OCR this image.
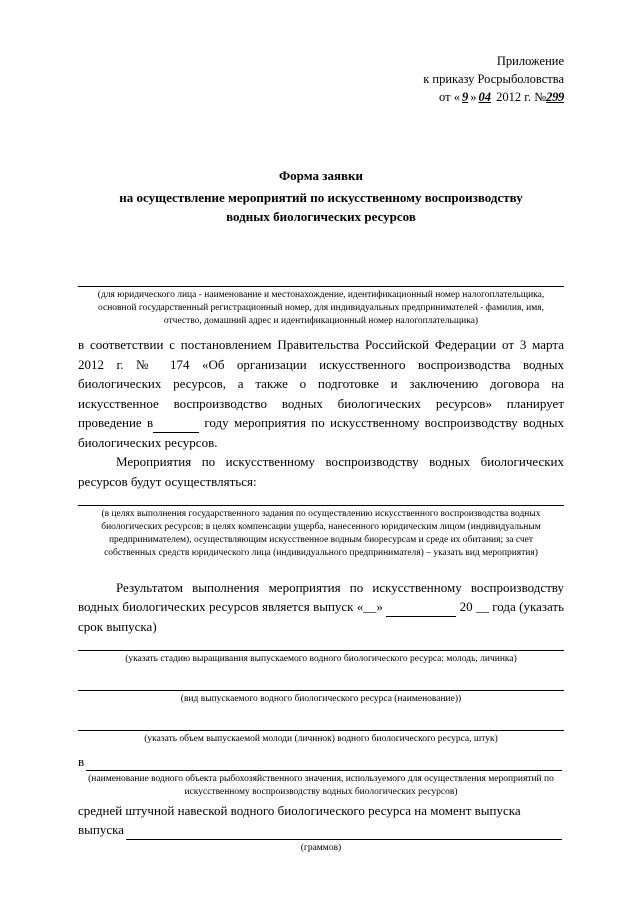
Приложение
к приказу Росрыболовства
от « 9 » 04 2012 г. №299
Форма заявки
на осуществление мероприятий по искусственному воспроизводству
водных биологических ресурсов
(для юридического лица - наименование и местонахождение, идентификационный номер налогоплательщика, основной государственный регистрационный номер, для индивидуальных предпринимателей - фамилия, имя, отчество, домашний адрес и идентификационный номер налогоплательщика)

в соответствии с постановлением Правительства Российской Федерации от 3 марта 2012 г. № 174 «Об организации искусственного воспроизводства водных биологических ресурсов, а также о подготовке и заключению договора на искусственное воспроизводство водных биологических ресурсов» планирует проведение в	году мероприятия по искусственному воспроизводству водных биологических ресурсов.

Мероприятия по искусственному воспроизводству водных биологических ресурсов будут осуществляться:

(в целях выполнения государственного задания по осуществлению искусственного воспроизводства водных биологических ресурсов; в целях компенсации ущерба, нанесенного юридическим лицом (индивидуальным предпринимателем), осуществляющим искусственное водным биоресурсам и среде их обитания; за счет собственных средств юридического лица (индивидуального предпринимателя) – указать вид мероприятия)

Результатом выполнения мероприятия по искусственному воспроизводству водных биологических ресурсов является выпуск «__»	20 __ года (указать срок выпуска)

(указать стадию выращивания выпускаемого водного биологического ресурса: молодь, личинка)
(вид выпускаемого водного биологического ресурса (наименование))
(указать объем выпускаемой молоди (личинок) водного биологического ресурса, штук)
в
(наименование водного объекта рыбохозяйственного значения, используемого для осуществления мероприятий по искусственному воспроизводству водных биологических ресурсов)

средней штучной навеской водного биологического ресурса на момент выпуска

выпуска
(граммов)
